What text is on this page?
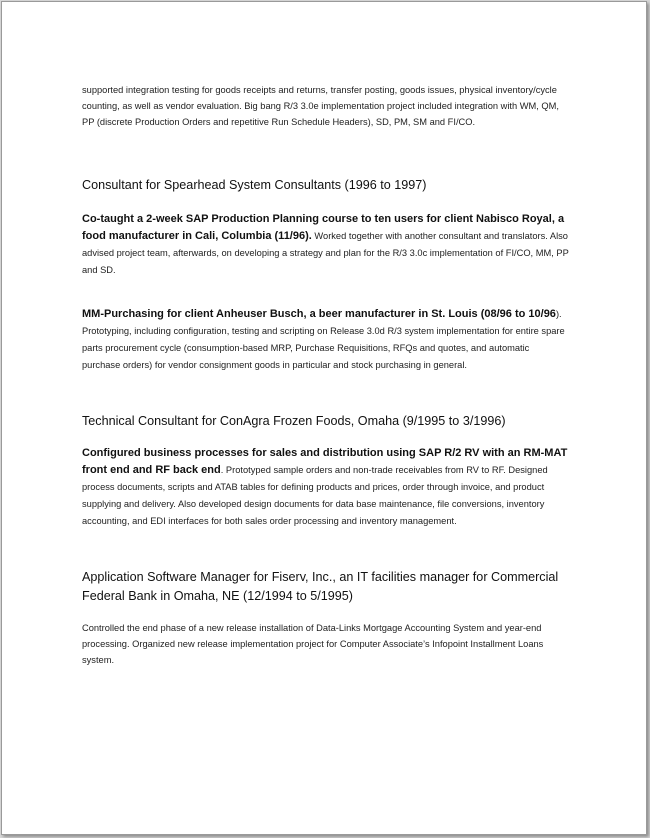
supported integration testing for goods receipts and returns, transfer posting, goods issues, physical inventory/cycle counting, as well as vendor evaluation. Big bang R/3 3.0e implementation project included integration with WM, QM, PP (discrete Production Orders and repetitive Run Schedule Headers), SD, PM, SM and FI/CO.

Consultant for Spearhead System Consultants (1996 to 1997)

Co-taught a 2-week SAP Production Planning course to ten users for client Nabisco Royal, a food manufacturer in Cali, Columbia (11/96). Worked together with another consultant and translators. Also advised project team, afterwards, on developing a strategy and plan for the R/3 3.0c implementation of FI/CO, MM, PP and SD.

MM-Purchasing for client Anheuser Busch, a beer manufacturer in St. Louis (08/96 to 10/96). Prototyping, including configuration, testing and scripting on Release 3.0d R/3 system implementation for entire spare parts procurement cycle (consumption-based MRP, Purchase Requisitions, RFQs and quotes, and automatic purchase orders) for vendor consignment goods in particular and stock purchasing in general.

Technical Consultant for ConAgra Frozen Foods, Omaha (9/1995 to 3/1996)

Configured business processes for sales and distribution using SAP R/2 RV with an RM-MAT front end and RF back end. Prototyped sample orders and non-trade receivables from RV to RF. Designed process documents, scripts and ATAB tables for defining products and prices, order through invoice, and product supplying and delivery. Also developed design documents for data base maintenance, file conversions, inventory accounting, and EDI interfaces for both sales order processing and inventory management.

Application Software Manager for Fiserv, Inc., an IT facilities manager for Commercial Federal Bank in Omaha, NE (12/1994 to 5/1995)

Controlled the end phase of a new release installation of Data-Links Mortgage Accounting System and year-end processing. Organized new release implementation project for Computer Associate’s Infopoint Installment Loans system.
